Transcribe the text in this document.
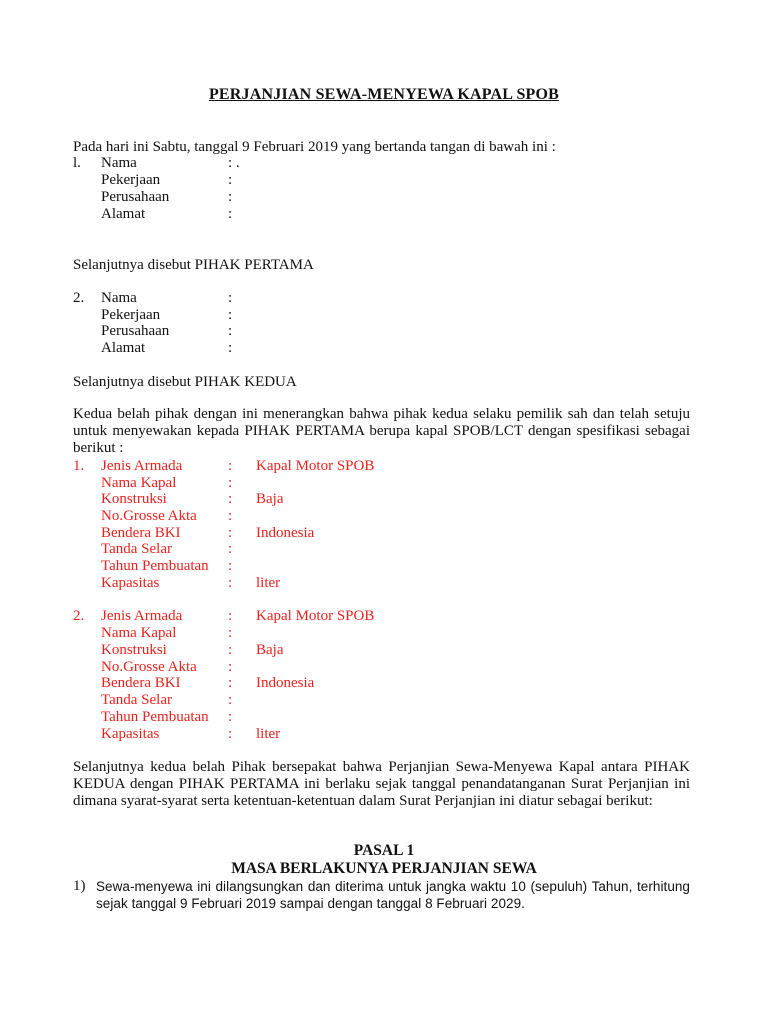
PERJANJIAN SEWA-MENYEWA KAPAL SPOB
Pada hari ini Sabtu, tanggal 9 Februari 2019 yang bertanda tangan di bawah ini :
l. Nama	: .
Pekerjaan	:
Perusahaan	:
Alamat	:
Selanjutnya disebut PIHAK PERTAMA
2. Nama	:
Pekerjaan	:
Perusahaan	:
Alamat	:
Selanjutnya disebut PIHAK KEDUA

Kedua belah pihak dengan ini menerangkan bahwa pihak kedua selaku pemilik sah dan telah setuju untuk menyewakan kepada PIHAK PERTAMA berupa kapal SPOB/LCT dengan spesifikasi sebagai berikut :

1. Jenis Armada	: Kapal Motor SPOB
Nama Kapal	:
Konstruksi	: Baja
No.Grosse Akta :
Bendera BKI	: Indonesia
Tanda Selar	:
Tahun Pembuatan :
Kapasitas	: liter
2. Jenis Armada	: Kapal Motor SPOB
Nama Kapal	:
Konstruksi	: Baja
No.Grosse Akta :
Bendera BKI	: Indonesia
Tanda Selar	:
Tahun Pembuatan :
Kapasitas	: liter

Selanjutnya kedua belah Pihak bersepakat bahwa Perjanjian Sewa-Menyewa Kapal antara PIHAK KEDUA dengan PIHAK PERTAMA ini berlaku sejak tanggal penandatanganan Surat Perjanjian ini dimana syarat-syarat serta ketentuan-ketentuan dalam Surat Perjanjian ini diatur sebagai berikut:

PASAL 1
MASA BERLAKUNYA PERJANJIAN SEWA
1) Sewa-menyewa ini dilangsungkan dan diterima untuk jangka waktu 10 (sepuluh) Tahun, terhitung sejak tanggal 9 Februari 2019 sampai dengan tanggal 8 Februari 2029.
